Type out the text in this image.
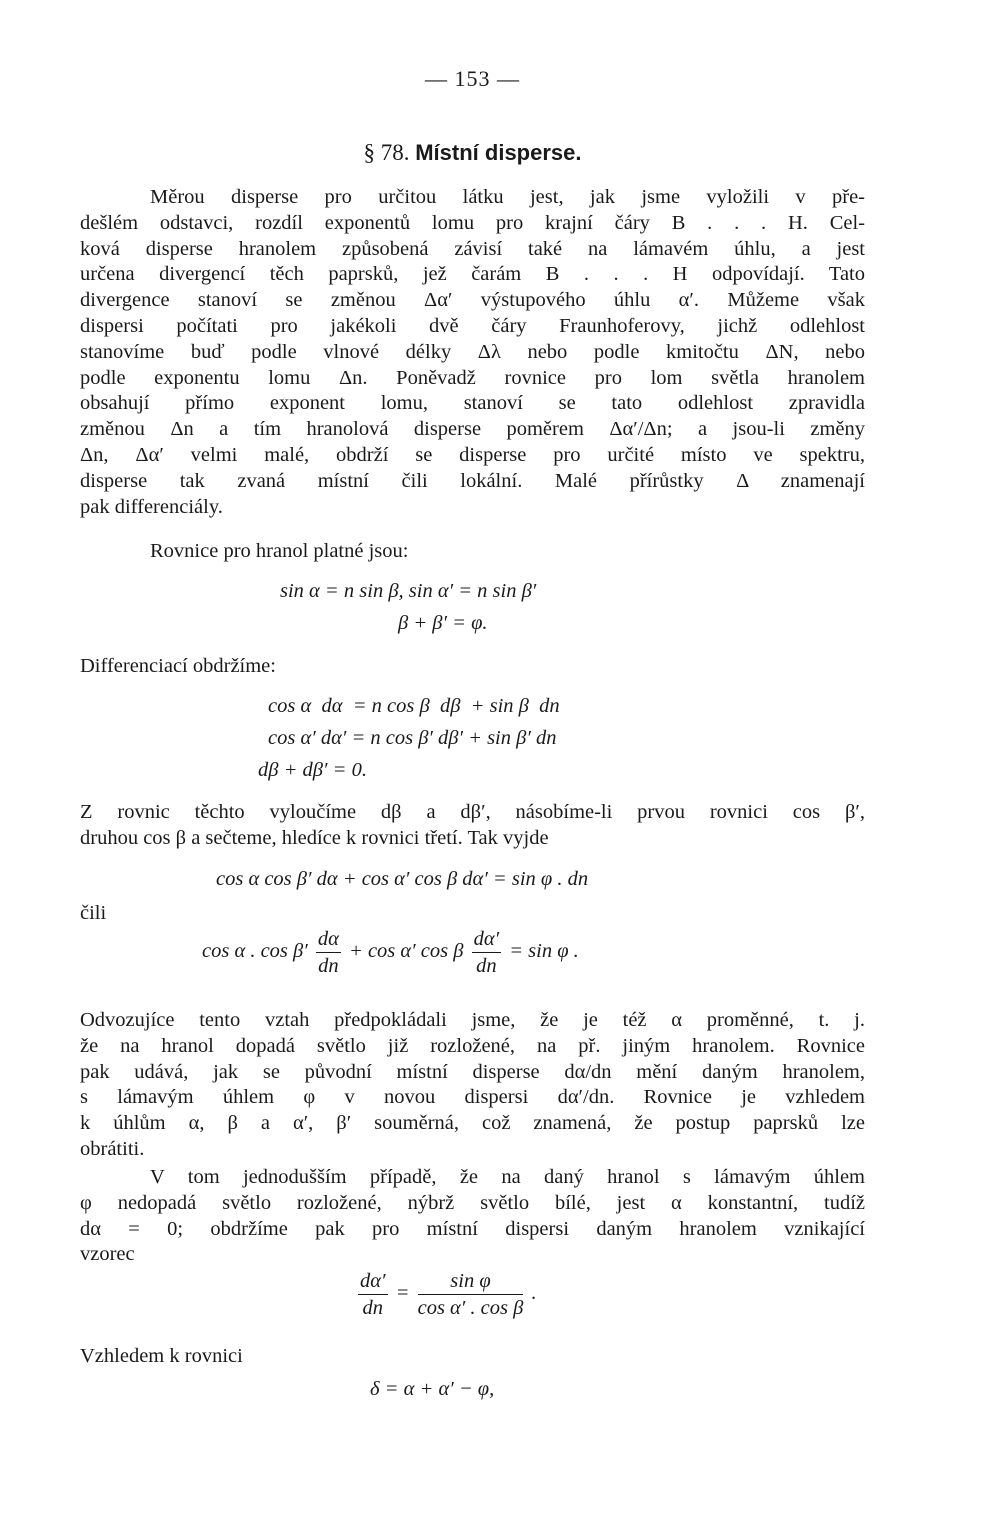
— 153 —
§ 78. Místní disperse.
Měrou disperse pro určitou látku jest, jak jsme vyložili v pře-
dešlém odstavci, rozdíl exponentů lomu pro krajní čáry B . . . H. Cel-
ková disperse hranolem způsobená závisí také na lámavém úhlu, a jest
určena divergencí těch paprsků, jež čarám B . . . H odpovídají. Tato
divergence stanoví se změnou Δα′ výstupového úhlu α′. Můžeme však
dispersi počítati pro jakékoli dvě čáry Fraunhoferovy, jichž odlehlost
stanovíme buď podle vlnové délky Δλ nebo podle kmitočtu ΔN, nebo
podle exponentu lomu Δn. Poněvadž rovnice pro lom světla hranolem
obsahují přímo exponent lomu, stanoví se tato odlehlost zpravidla
změnou Δn a tím hranolová disperse poměrem Δα′/Δn; a jsou-li změny
Δn, Δα′ velmi malé, obdrží se disperse pro určité místo ve spektru,
disperse tak zvaná místní čili lokální. Malé přírůstky Δ znamenají
pak differenciály.
Rovnice pro hranol platné jsou:
sin α = n sin β, sin α′ = n sin β′
β + β′ = φ.
Differenciací obdržíme:
cos α  dα  = n cos β  dβ  + sin β  dn
cos α′ dα′ = n cos β′ dβ′ + sin β′ dn
dβ + dβ′ = 0.
Z rovnic těchto vyloučíme dβ a dβ′, násobíme-li prvou rovnici cos β′,
druhou cos β a sečteme, hledíce k rovnici třetí. Tak vyjde
cos α cos β′ dα + cos α′ cos β dα′ = sin φ . dn
čili
cos α . $\cos \beta' \frac{d\alpha}{dn} + \cos \alpha'$ cos β $\frac{d\alpha'}{dn} = \sin \varphi$ .
Odvozujíce tento vztah předpokládali jsme, že je též α proměnné, t. j.
že na hranol dopadá světlo již rozložené, na př. jiným hranolem. Rovnice
pak udává, jak se původní místní disperse dα/dn mění daným hranolem,
s lámavým úhlem φ v novou dispersi dα′/dn. Rovnice je vzhledem
k úhlům α, β a α′, β′ souměrná, což znamená, že postup paprsků lze
obrátiti.
V tom jednodušším případě, že na daný hranol s lámavým úhlem
φ nedopadá světlo rozložené, nýbrž světlo bílé, jest α konstantní, tudíž
dα = 0; obdržíme pak pro místní dispersi daným hranolem vznikající
vzorec
$\frac{d\alpha'}{dn} = \frac{\text{sin φ}}{\text{cos α′ . cos β}}$ .
Vzhledem k rovnici
δ = α + α′ − φ,
